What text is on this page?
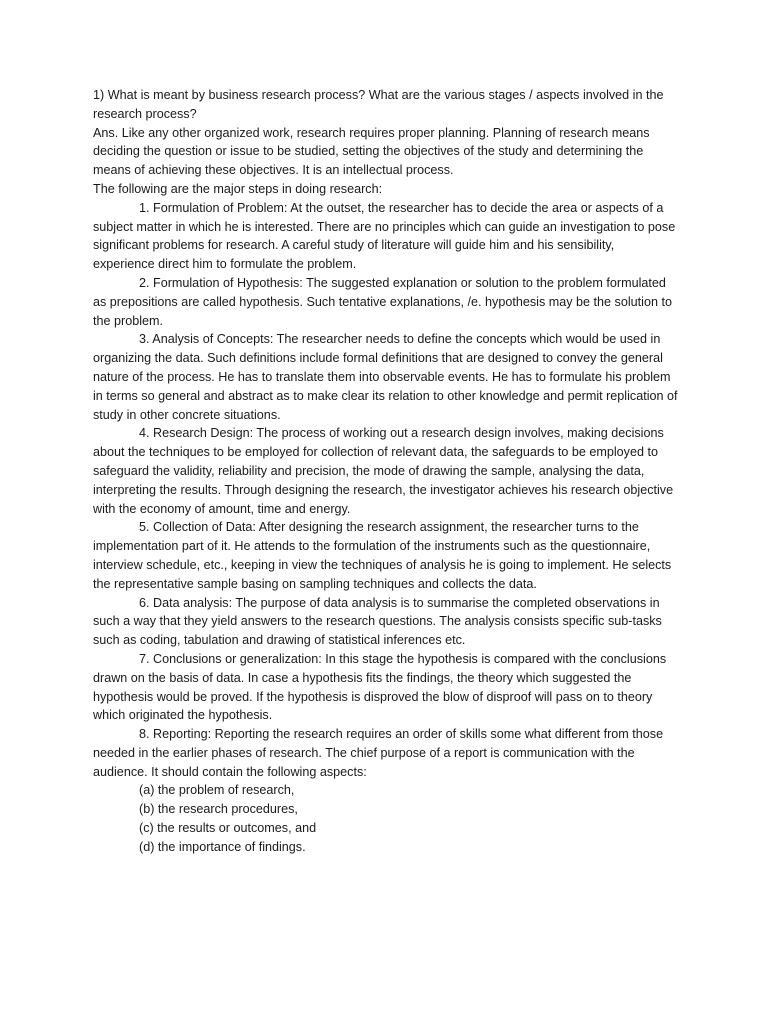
1) What is meant by business research process? What are the various stages / aspects involved in the research process?

Ans. Like any other organized work, research requires proper planning. Planning of research means deciding the question or issue to be studied, setting the objectives of the study and determining the means of achieving these objectives. It is an intellectual process.

The following are the major steps in doing research:

1. Formulation of Problem: At the outset, the researcher has to decide the area or aspects of a subject matter in which he is interested. There are no principles which can guide an investigation to pose significant problems for research. A careful study of literature will guide him and his sensibility, experience direct him to formulate the problem.

2. Formulation of Hypothesis: The suggested explanation or solution to the problem formulated as prepositions are called hypothesis. Such tentative explanations, /e. hypothesis may be the solution to the problem.

3. Analysis of Concepts: The researcher needs to define the concepts which would be used in organizing the data. Such definitions include formal definitions that are designed to convey the general nature of the process. He has to translate them into observable events. He has to formulate his problem in terms so general and abstract as to make clear its relation to other knowledge and permit replication of study in other concrete situations.

4. Research Design: The process of working out a research design involves, making decisions about the techniques to be employed for collection of relevant data, the safeguards to be employed to safeguard the validity, reliability and precision, the mode of drawing the sample, analysing the data, interpreting the results. Through designing the research, the investigator achieves his research objective with the economy of amount, time and energy.

5. Collection of Data: After designing the research assignment, the researcher turns to the implementation part of it. He attends to the formulation of the instruments such as the questionnaire, interview schedule, etc., keeping in view the techniques of analysis he is going to implement. He selects the representative sample basing on sampling techniques and collects the data.

6. Data analysis: The purpose of data analysis is to summarise the completed observations in such a way that they yield answers to the research questions. The analysis consists specific sub-tasks such as coding, tabulation and drawing of statistical inferences etc.

7. Conclusions or generalization: In this stage the hypothesis is compared with the conclusions drawn on the basis of data. In case a hypothesis fits the findings, the theory which suggested the hypothesis would be proved. If the hypothesis is disproved the blow of disproof will pass on to theory which originated the hypothesis.

8. Reporting: Reporting the research requires an order of skills some what different from those needed in the earlier phases of research. The chief purpose of a report is communication with the audience. It should contain the following aspects:

(a) the problem of research,

(b) the research procedures,

(c) the results or outcomes, and

(d) the importance of findings.
